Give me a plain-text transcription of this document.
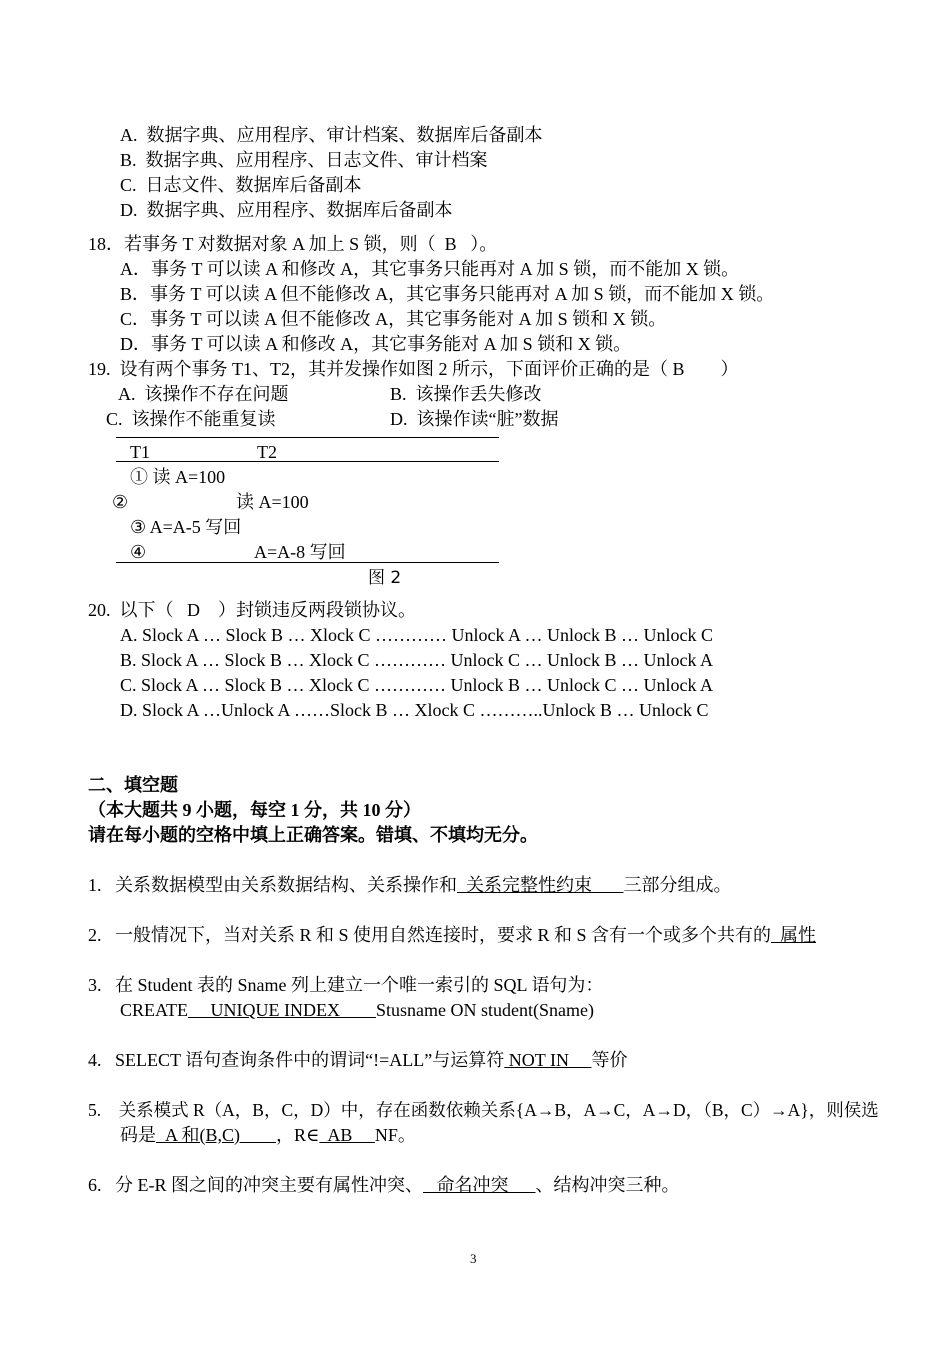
A.  数据字典、应用程序、审计档案、数据库后备副本
B.  数据字典、应用程序、日志文件、审计档案
C.  日志文件、数据库后备副本
D.  数据字典、应用程序、数据库后备副本
18．若事务 T 对数据对象 A 加上 S 锁，则（  B   ）。
A．事务 T 可以读 A 和修改 A，其它事务只能再对 A 加 S 锁，而不能加 X 锁。
B．事务 T 可以读 A 但不能修改 A，其它事务只能再对 A 加 S 锁，而不能加 X 锁。
C．事务 T 可以读 A 但不能修改 A，其它事务能对 A 加 S 锁和 X 锁。
D．事务 T 可以读 A 和修改 A，其它事务能对 A 加 S 锁和 X 锁。
19.  设有两个事务 T1、T2，其并发操作如图 2 所示，下面评价正确的是（ B        ）
A.  该操作不存在问题	B.  该操作丢失修改
C.  该操作不能重复读	D.  该操作读“脏”数据
T1	T2
① 读 A=100
②	读 A=100
③ A=A-5 写回
④	A=A-8 写回
图 2
20.  以下（   D    ）封锁违反两段锁协议。
A. Slock A … Slock B … Xlock C ………… Unlock A … Unlock B … Unlock C
B. Slock A … Slock B … Xlock C ………… Unlock C … Unlock B … Unlock A
C. Slock A … Slock B … Xlock C ………… Unlock B … Unlock C … Unlock A
D. Slock A …Unlock A ……Slock B … Xlock C ………..Unlock B … Unlock C
二、填空题
（本大题共 9 小题，每空 1 分，共 10 分）
请在每小题的空格中填上正确答案。错填、不填均无分。
1.   关系数据模型由关系数据结构、关系操作和  关系完整性约束       三部分组成。
2.   一般情况下，当对关系 R 和 S 使用自然连接时，要求 R 和 S 含有一个或多个共有的  属性
3.   在 Student 表的 Sname 列上建立一个唯一索引的 SQL 语句为：
CREATE     UNIQUE INDEX        Stusname ON student(Sname)
4.   SELECT 语句查询条件中的谓词“!=ALL”与运算符 NOT IN     等价
5.    关系模式 R（A，B，C，D）中，存在函数依赖关系{A→B，A→C，A→D，（B，C）→A}，则侯选
码是  A 和(B,C)        ，R∈  AB     NF。
6.   分 E-R 图之间的冲突主要有属性冲突、   命名冲突      、结构冲突三种。
3
